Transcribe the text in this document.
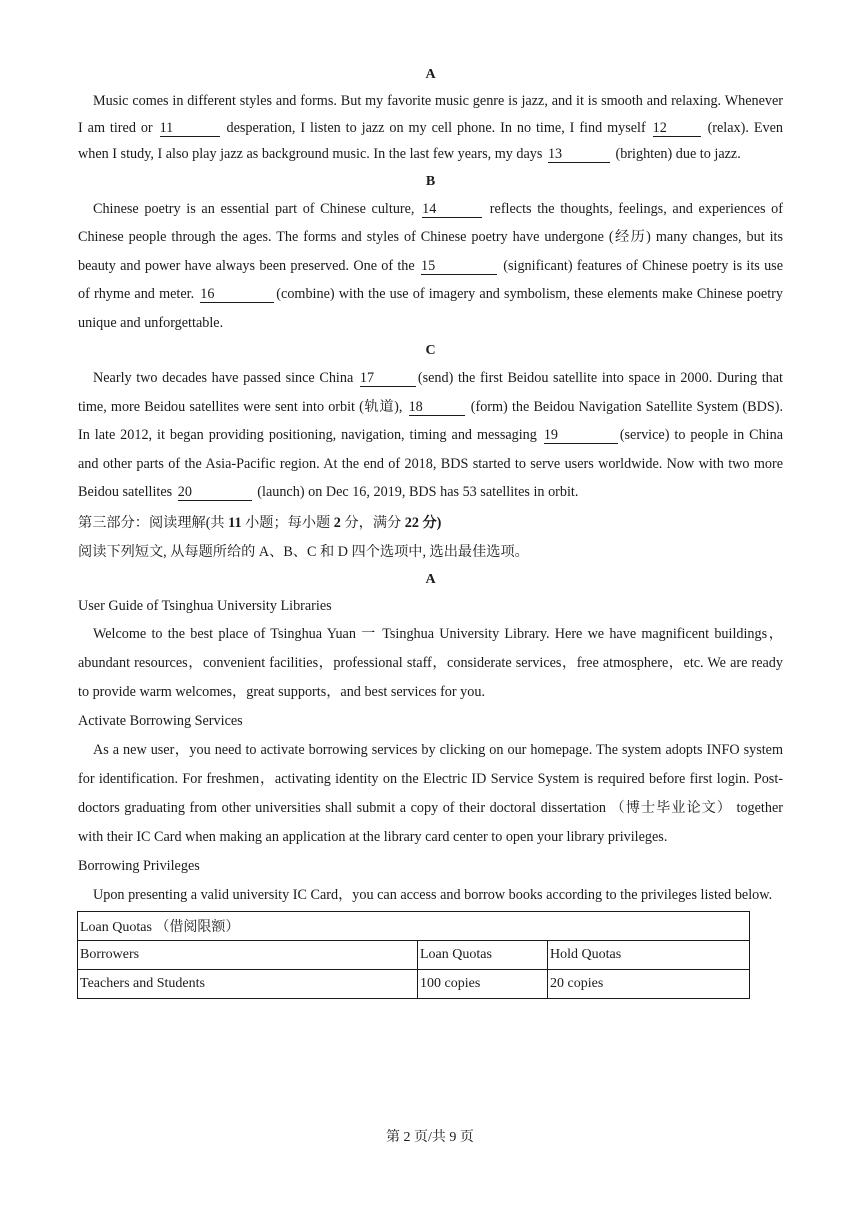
A

Music comes in different styles and forms. But my favorite music genre is jazz, and it is smooth and relaxing. Whenever I am tired or 11	desperation, I listen to jazz on my cell phone. In no time, I find myself 12	(relax). Even when I study, I also play jazz as background music. In the last few years, my days 13	(brighten) due to jazz.

B

Chinese poetry is an essential part of Chinese culture, 14	reflects the thoughts, feelings, and experiences of Chinese people through the ages. The forms and styles of Chinese poetry have undergone (经历) many changes, but its beauty and power have always been preserved. One of the 15	(significant) features of Chinese poetry is its use of rhyme and meter. 16	(combine) with the use of imagery and symbolism, these elements make Chinese poetry unique and unforgettable.

C

Nearly two decades have passed since China 17	(send) the first Beidou satellite into space in 2000. During that time, more Beidou satellites were sent into orbit (轨道), 18	(form) the Beidou Navigation Satellite System (BDS). In late 2012, it began providing positioning, navigation, timing and messaging 19	(service) to people in China and other parts of the Asia-Pacific region. At the end of 2018, BDS started to serve users worldwide. Now with two more Beidou satellites 20	(launch) on Dec 16, 2019, BDS has 53 satellites in orbit.

第三部分：阅读理解(共 11 小题；每小题 2 分，满分 22 分)

阅读下列短文, 从每题所给的 A、B、C 和 D 四个选项中, 选出最佳选项。

A

User Guide of Tsinghua University Libraries

Welcome to the best place of Tsinghua Yuan 一 Tsinghua University Library. Here we have magnificent buildings，abundant resources，convenient facilities，professional staff，considerate services，free atmosphere，etc. We are ready to provide warm welcomes，great supports，and best services for you.

Activate Borrowing Services

As a new user，you need to activate borrowing services by clicking on our homepage. The system adopts INFO system for identification. For freshmen，activating identity on the Electric ID Service System is required before first login. Post-doctors graduating from other universities shall submit a copy of their doctoral dissertation （博士毕业论文） together with their IC Card when making an application at the library card center to open your library privileges.

Borrowing Privileges

Upon presenting a valid university IC Card，you can access and borrow books according to the privileges listed below.

Loan Quotas （借阅限额）		
Borrowers	Loan Quotas	Hold Quotas
Teachers and Students	100 copies	20 copies
第 2 页/共 9 页
